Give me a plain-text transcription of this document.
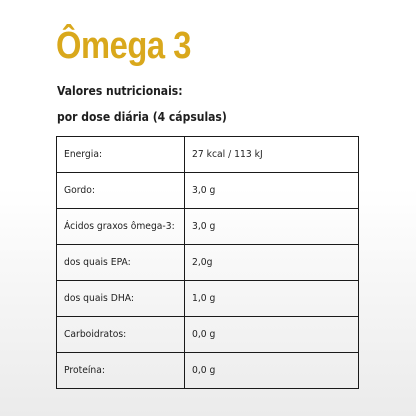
Ômega 3
Valores nutricionais:
por dose diária (4 cápsulas)
Energia:	27 kcal / 113 kJ
Gordo:	3,0 g
Ácidos graxos ômega-3:	3,0 g
dos quais EPA:	2,0g
dos quais DHA:	1,0 g
Carboidratos:	0,0 g
Proteína:	0,0 g
